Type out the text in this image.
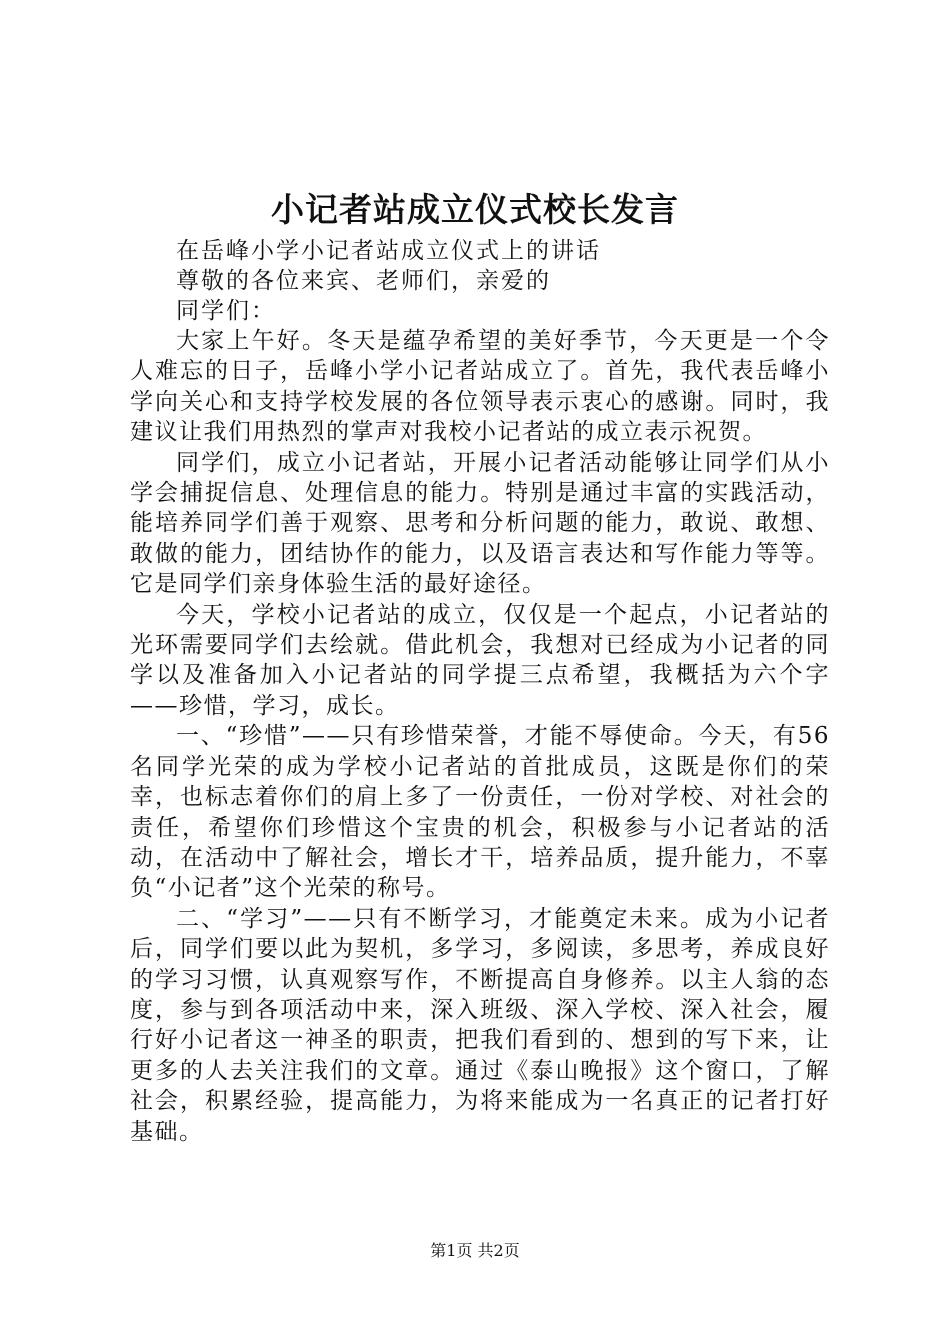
小记者站成立仪式校长发言

在岳峰小学小记者站成立仪式上的讲话

尊敬的各位来宾、老师们，亲爱的

同学们：

大家上午好。冬天是蕴孕希望的美好季节，今天更是一个令人难忘的日子，岳峰小学小记者站成立了。首先，我代表岳峰小学向关心和支持学校发展的各位领导表示衷心的感谢。同时，我建议让我们用热烈的掌声对我校小记者站的成立表示祝贺。

同学们，成立小记者站，开展小记者活动能够让同学们从小学会捕捉信息、处理信息的能力。特别是通过丰富的实践活动，能培养同学们善于观察、思考和分析问题的能力，敢说、敢想、敢做的能力，团结协作的能力，以及语言表达和写作能力等等。它是同学们亲身体验生活的最好途径。

今天，学校小记者站的成立，仅仅是一个起点，小记者站的光环需要同学们去绘就。借此机会，我想对已经成为小记者的同学以及准备加入小记者站的同学提三点希望，我概括为六个字——珍惜，学习，成长。

一、“珍惜”——只有珍惜荣誉，才能不辱使命。今天，有56名同学光荣的成为学校小记者站的首批成员，这既是你们的荣幸，也标志着你们的肩上多了一份责任，一份对学校、对社会的责任，希望你们珍惜这个宝贵的机会，积极参与小记者站的活动，在活动中了解社会，增长才干，培养品质，提升能力，不辜负“小记者”这个光荣的称号。

二、“学习”——只有不断学习，才能奠定未来。成为小记者后，同学们要以此为契机，多学习，多阅读，多思考，养成良好的学习习惯，认真观察写作，不断提高自身修养。以主人翁的态度，参与到各项活动中来，深入班级、深入学校、深入社会，履行好小记者这一神圣的职责，把我们看到的、想到的写下来，让更多的人去关注我们的文章。通过《泰山晚报》这个窗口，了解社会，积累经验，提高能力，为将来能成为一名真正的记者打好基础。

第1页 共2页
